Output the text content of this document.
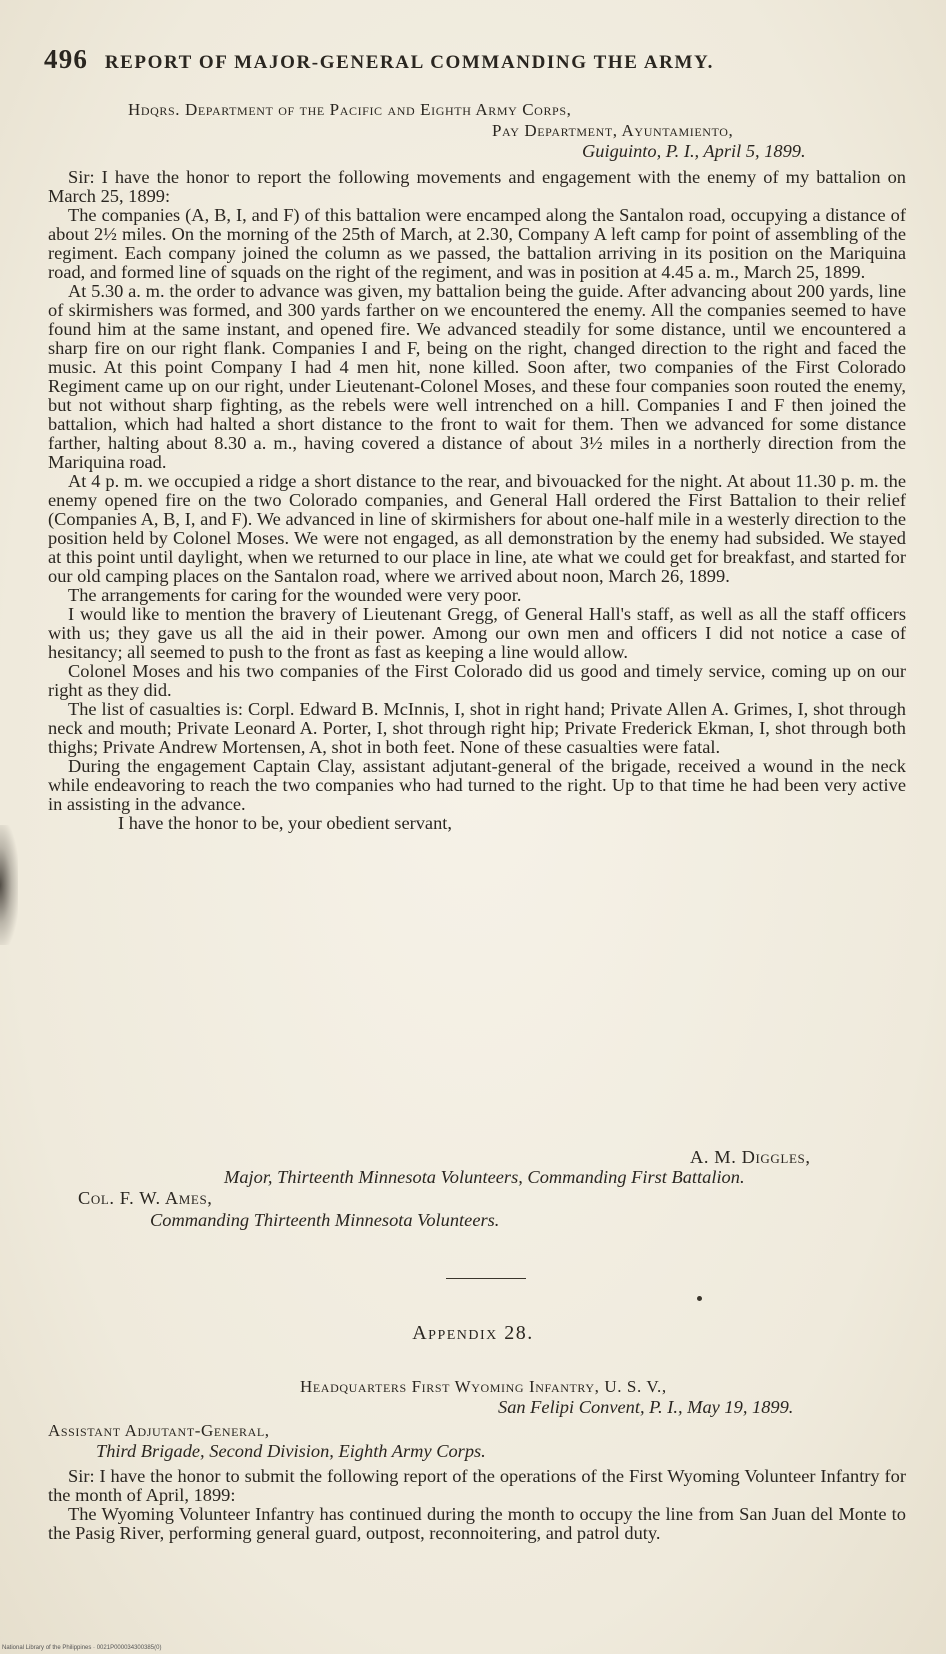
496 REPORT OF MAJOR-GENERAL COMMANDING THE ARMY.
Hdqrs. Department of the Pacific and Eighth Army Corps,
Pay Department, Ayuntamiento,
Guiguinto, P. I., April 5, 1899.

Sir: I have the honor to report the following movements and engagement with the enemy of my battalion on March 25, 1899:

The companies (A, B, I, and F) of this battalion were encamped along the Santalon road, occupying a distance of about 2½ miles. On the morning of the 25th of March, at 2.30, Company A left camp for point of assembling of the regiment. Each company joined the column as we passed, the battalion arriving in its position on the Mariquina road, and formed line of squads on the right of the regiment, and was in position at 4.45 a. m., March 25, 1899.

At 5.30 a. m. the order to advance was given, my battalion being the guide. After advancing about 200 yards, line of skirmishers was formed, and 300 yards farther on we encountered the enemy. All the companies seemed to have found him at the same instant, and opened fire. We advanced steadily for some distance, until we encountered a sharp fire on our right flank. Companies I and F, being on the right, changed direction to the right and faced the music. At this point Company I had 4 men hit, none killed. Soon after, two companies of the First Colorado Regiment came up on our right, under Lieutenant-Colonel Moses, and these four companies soon routed the enemy, but not without sharp fighting, as the rebels were well intrenched on a hill. Companies I and F then joined the battalion, which had halted a short distance to the front to wait for them. Then we advanced for some distance farther, halting about 8.30 a. m., having covered a distance of about 3½ miles in a northerly direction from the Mariquina road.

At 4 p. m. we occupied a ridge a short distance to the rear, and bivouacked for the night. At about 11.30 p. m. the enemy opened fire on the two Colorado companies, and General Hall ordered the First Battalion to their relief (Companies A, B, I, and F). We advanced in line of skirmishers for about one-half mile in a westerly direction to the position held by Colonel Moses. We were not engaged, as all demonstration by the enemy had subsided. We stayed at this point until daylight, when we returned to our place in line, ate what we could get for breakfast, and started for our old camping places on the Santalon road, where we arrived about noon, March 26, 1899.

The arrangements for caring for the wounded were very poor.

I would like to mention the bravery of Lieutenant Gregg, of General Hall's staff, as well as all the staff officers with us; they gave us all the aid in their power. Among our own men and officers I did not notice a case of hesitancy; all seemed to push to the front as fast as keeping a line would allow.

Colonel Moses and his two companies of the First Colorado did us good and timely service, coming up on our right as they did.

The list of casualties is: Corpl. Edward B. McInnis, I, shot in right hand; Private Allen A. Grimes, I, shot through neck and mouth; Private Leonard A. Porter, I, shot through right hip; Private Frederick Ekman, I, shot through both thighs; Private Andrew Mortensen, A, shot in both feet. None of these casualties were fatal.

During the engagement Captain Clay, assistant adjutant-general of the brigade, received a wound in the neck while endeavoring to reach the two companies who had turned to the right. Up to that time he had been very active in assisting in the advance.

I have the honor to be, your obedient servant,

A. M. Diggles,
Major, Thirteenth Minnesota Volunteers, Commanding First Battalion.
Col. F. W. Ames,
Commanding Thirteenth Minnesota Volunteers.
Appendix 28.
Headquarters First Wyoming Infantry, U. S. V.,
San Felipi Convent, P. I., May 19, 1899.
Assistant Adjutant-General,
Third Brigade, Second Division, Eighth Army Corps.

Sir: I have the honor to submit the following report of the operations of the First Wyoming Volunteer Infantry for the month of April, 1899:

The Wyoming Volunteer Infantry has continued during the month to occupy the line from San Juan del Monte to the Pasig River, performing general guard, outpost, reconnoitering, and patrol duty.

National Library of the Philippines · 0021P000034300385(0)
